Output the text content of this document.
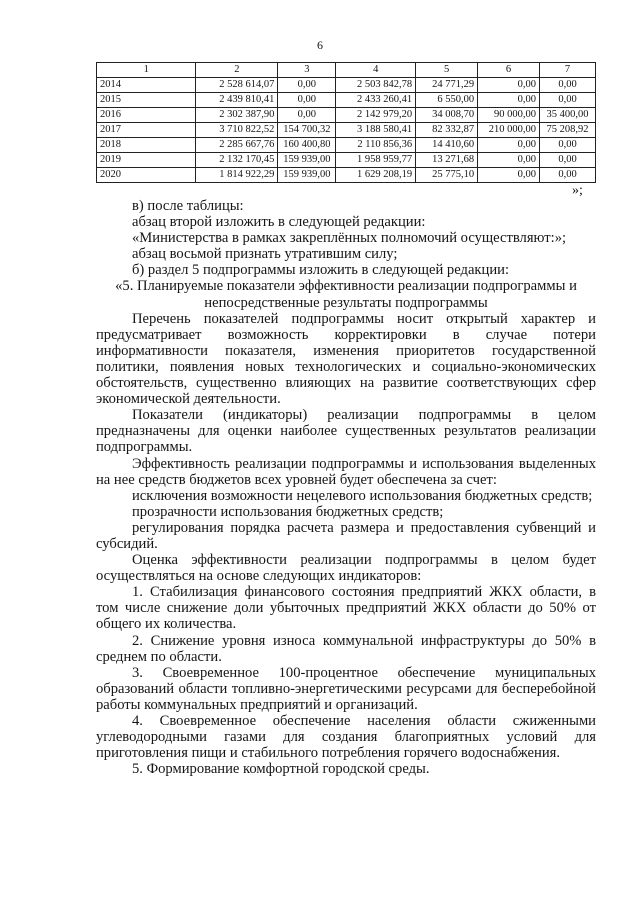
6
1	2	3	4	5	6	7
2014	2 528 614,07	0,00	2 503 842,78	24 771,29	0,00	0,00
2015	2 439 810,41	0,00	2 433 260,41	6 550,00	0,00	0,00
2016	2 302 387,90	0,00	2 142 979,20	34 008,70	90 000,00	35 400,00
2017	3 710 822,52	154 700,32	3 188 580,41	82 332,87	210 000,00	75 208,92
2018	2 285 667,76	160 400,80	2 110 856,36	14 410,60	0,00	0,00
2019	2 132 170,45	159 939,00	1 958 959,77	13 271,68	0,00	0,00
2020	1 814 922,29	159 939,00	1 629 208,19	25 775,10	0,00	0,00
»;

в) после таблицы:

абзац второй изложить в следующей редакции:

«Министерства в рамках закреплённых полномочий осуществляют:»;

абзац восьмой признать утратившим силу;

б) раздел 5 подпрограммы изложить в следующей редакции:

«5. Планируемые показатели эффективности реализации подпрограммы и непосредственные результаты подпрограммы

Перечень показателей подпрограммы носит открытый характер и предусматривает возможность корректировки в случае потери информативности показателя, изменения приоритетов государственной политики, появления новых технологических и социально-экономических обстоятельств, существенно влияющих на развитие соответствующих сфер экономической деятельности.

Показатели (индикаторы) реализации подпрограммы в целом предназначены для оценки наиболее существенных результатов реализации подпрограммы.

Эффективность реализации подпрограммы и использования выделенных на нее средств бюджетов всех уровней будет обеспечена за счет:

исключения возможности нецелевого использования бюджетных средств;

прозрачности использования бюджетных средств;

регулирования порядка расчета размера и предоставления субвенций и субсидий.

Оценка эффективности реализации подпрограммы в целом будет осуществляться на основе следующих индикаторов:

1. Стабилизация финансового состояния предприятий ЖКХ области, в том числе снижение доли убыточных предприятий ЖКХ области до 50% от общего их количества.

2. Снижение уровня износа коммунальной инфраструктуры до 50% в среднем по области.

3. Своевременное 100-процентное обеспечение муниципальных образований области топливно-энергетическими ресурсами для бесперебойной работы коммунальных предприятий и организаций.

4. Своевременное обеспечение населения области сжиженными углеводородными газами для создания благоприятных условий для приготовления пищи и стабильного потребления горячего водоснабжения.

5. Формирование комфортной городской среды.
